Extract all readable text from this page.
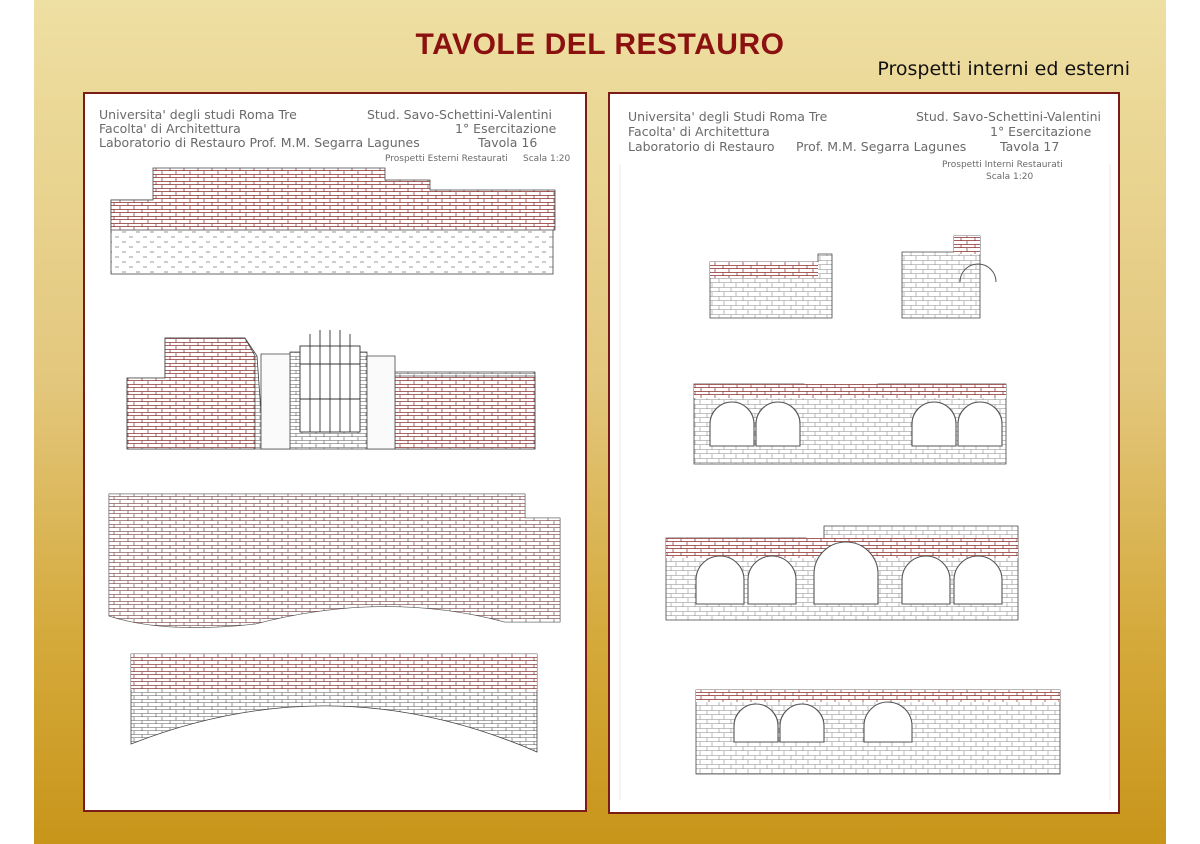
TAVOLE DEL RESTAURO
Prospetti interni ed esterni
Universita' degli studi Roma Tre
Facolta' di Architettura
Laboratorio di Restauro Prof. M.M. Segarra Lagunes
Stud. Savo-Schettini-Valentini
1° Esercitazione
Tavola 16
Prospetti Esterni Restaurati Scala 1:20
Universita' degli Studi Roma Tre
Facolta' di Architettura
Laboratorio di Restauro Prof. M.M. Segarra Lagunes
Stud. Savo-Schettini-Valentini
1° Esercitazione
Tavola 17
Prospetti Interni Restaurati
Scala 1:20
